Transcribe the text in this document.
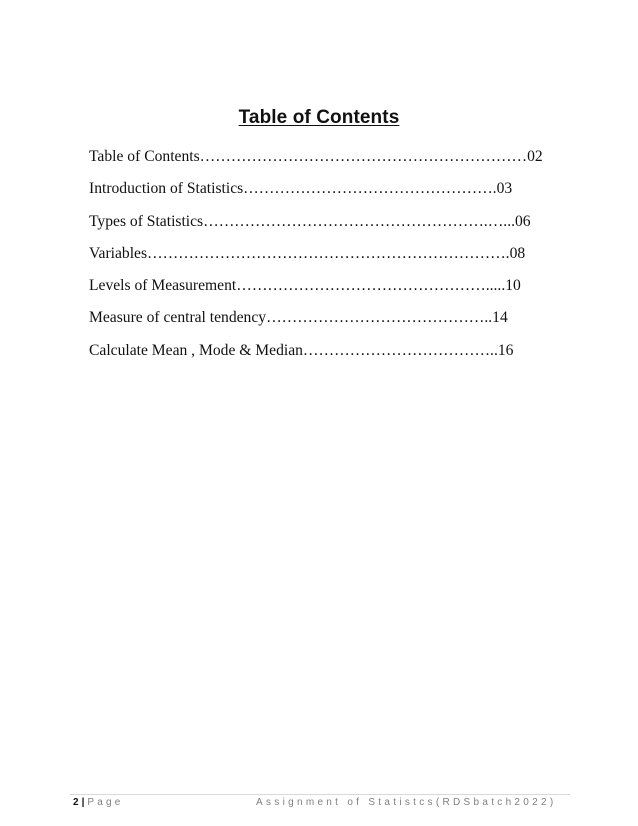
Table of Contents
Table of Contents………………………………………………………02
Introduction of Statistics………………………………………….03
Types of Statistics……………………………………………….…...06
Variables…………………………………………………………….08
Levels of Measurement………………………………………….....10
Measure of central tendency……………………………………..14
Calculate Mean , Mode & Median………………………………..16
2 | Page	Assignment of Statistcs(RDSbatch2022)
